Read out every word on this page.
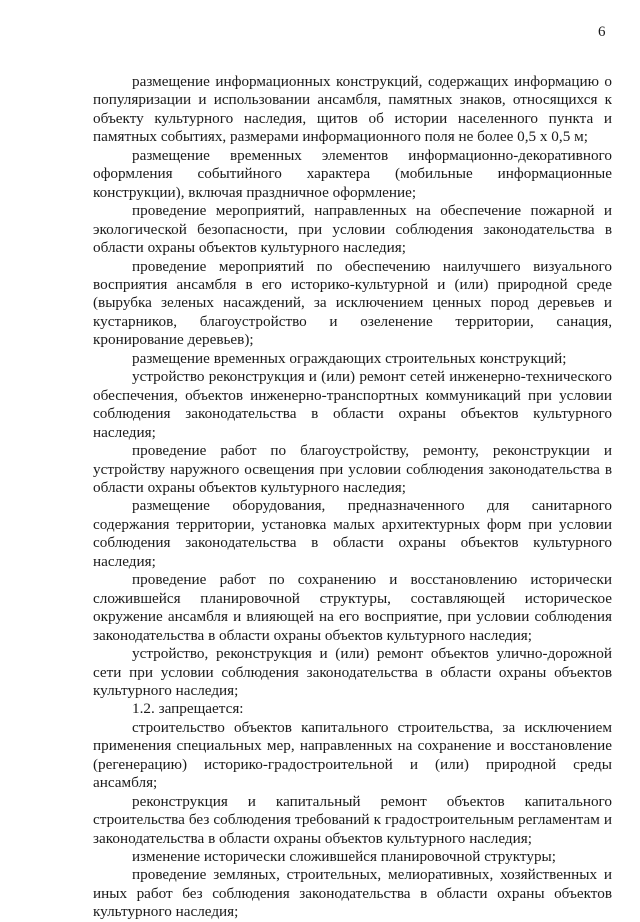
6

размещение информационных конструкций, содержащих информацию о популяризации и использовании ансамбля, памятных знаков, относящихся к объекту культурного наследия, щитов об истории населенного пункта и памятных событиях, размерами информационного поля не более 0,5 х 0,5 м;

размещение временных элементов информационно-декоративного оформления событийного характера (мобильные информационные конструкции), включая праздничное оформление;

проведение мероприятий, направленных на обеспечение пожарной и экологической безопасности, при условии соблюдения законодательства в области охраны объектов культурного наследия;

проведение мероприятий по обеспечению наилучшего визуального восприятия ансамбля в его историко-культурной и (или) природной среде (вырубка зеленых насаждений, за исключением ценных пород деревьев и кустарников, благоустройство и озеленение территории, санация, кронирование деревьев);

размещение временных ограждающих строительных конструкций;

устройство реконструкция и (или) ремонт сетей инженерно-технического обеспечения, объектов инженерно-транспортных коммуникаций при условии соблюдения законодательства в области охраны объектов культурного наследия;

проведение работ по благоустройству, ремонту, реконструкции и устройству наружного освещения при условии соблюдения законодательства в области охраны объектов культурного наследия;

размещение оборудования, предназначенного для санитарного содержания территории, установка малых архитектурных форм при условии соблюдения законодательства в области охраны объектов культурного наследия;

проведение работ по сохранению и восстановлению исторически сложившейся планировочной структуры, составляющей историческое окружение ансамбля и влияющей на его восприятие, при условии соблюдения законодательства в области охраны объектов культурного наследия;

устройство, реконструкция и (или) ремонт объектов улично-дорожной сети при условии соблюдения законодательства в области охраны объектов культурного наследия;

1.2. запрещается:

строительство объектов капитального строительства, за исключением применения специальных мер, направленных на сохранение и восстановление (регенерацию) историко-градостроительной и (или) природной среды ансамбля;

реконструкция и капитальный ремонт объектов капитального строительства без соблюдения требований к градостроительным регламентам и законодательства в области охраны объектов культурного наследия;

изменение исторически сложившейся планировочной структуры;

проведение земляных, строительных, мелиоративных, хозяйственных и иных работ без соблюдения законодательства в области охраны объектов культурного наследия;
